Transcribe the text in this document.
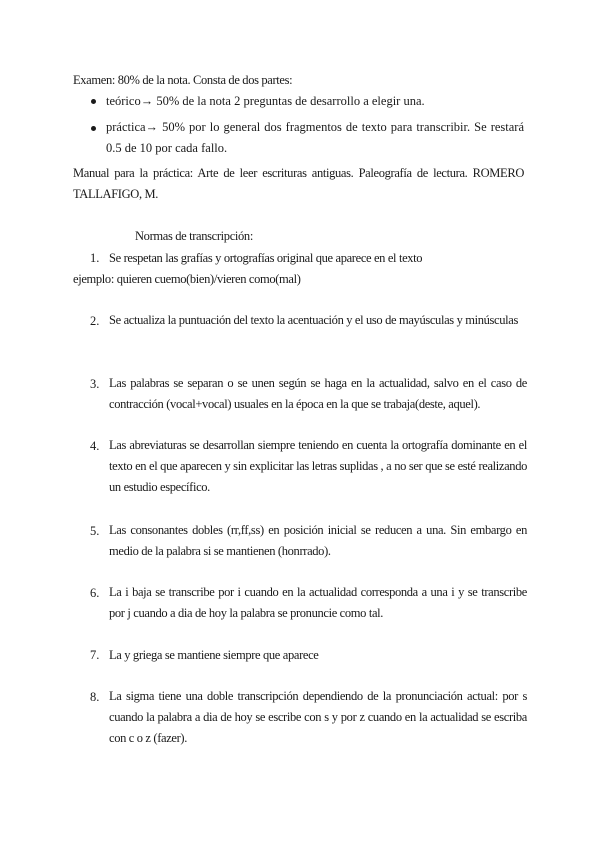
Examen: 80% de la nota. Consta de dos partes:
teórico→ 50% de la nota 2 preguntas de desarrollo a elegir una.
práctica→ 50% por lo general dos fragmentos de texto para transcribir. Se restará 0.5 de 10 por cada fallo.
Manual para la práctica: Arte de leer escrituras antiguas. Paleografía de lectura. ROMERO TALLAFIGO, M.
Normas de transcripción:
1. Se respetan las grafías y ortografías original que aparece en el texto
ejemplo: quieren cuemo(bien)/vieren como(mal)
2. Se actualiza la puntuación del texto la acentuación y el uso de mayúsculas y minúsculas
3. Las palabras se separan o se unen según se haga en la actualidad, salvo en el caso de contracción (vocal+vocal) usuales en la época en la que se trabaja(deste, aquel).
4. Las abreviaturas se desarrollan siempre teniendo en cuenta la ortografía dominante en el texto en el que aparecen y sin explicitar las letras suplidas , a no ser que se esté realizando un estudio específico.
5. Las consonantes dobles (rr,ff,ss) en posición inicial se reducen a una. Sin embargo en medio de la palabra si se mantienen (honrrado).
6. La i baja se transcribe por i cuando en la actualidad corresponda a una i y se transcribe por j cuando a dia de hoy la palabra se pronuncie como tal.
7. La y griega se mantiene siempre que aparece
8. La sigma tiene una doble transcripción dependiendo de la pronunciación actual: por s cuando la palabra a dia de hoy se escribe con s y por z cuando en la actualidad se escriba con c o z (fazer).
